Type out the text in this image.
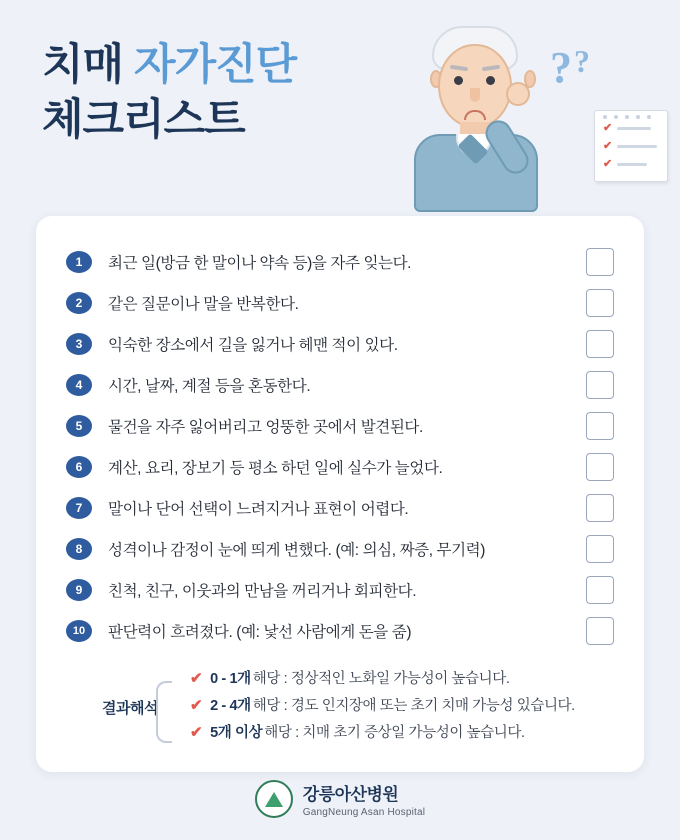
치매 자가진단
체크리스트
??
✔
✔
✔
1	최근 일(방금 한 말이나 약속 등)을 자주 잊는다.
2	같은 질문이나 말을 반복한다.
3	익숙한 장소에서 길을 잃거나 헤맨 적이 있다.
4	시간, 날짜, 계절 등을 혼동한다.
5	물건을 자주 잃어버리고 엉뚱한 곳에서 발견된다.
6	계산, 요리, 장보기 등 평소 하던 일에 실수가 늘었다.
7	말이나 단어 선택이 느려지거나 표현이 어렵다.
8	성격이나 감정이 눈에 띄게 변했다. (예: 의심, 짜증, 무기력)
9	친척, 친구, 이웃과의 만남을 꺼리거나 회피한다.
10	판단력이 흐려졌다. (예: 낯선 사람에게 돈을 줌)
결과해석
✔ 0 - 1개 해당 : 정상적인 노화일 가능성이 높습니다.
✔ 2 - 4개 해당 : 경도 인지장애 또는 초기 치매 가능성 있습니다.
✔ 5개 이상 해당 : 치매 초기 증상일 가능성이 높습니다.
강릉아산병원
GangNeung Asan Hospital
